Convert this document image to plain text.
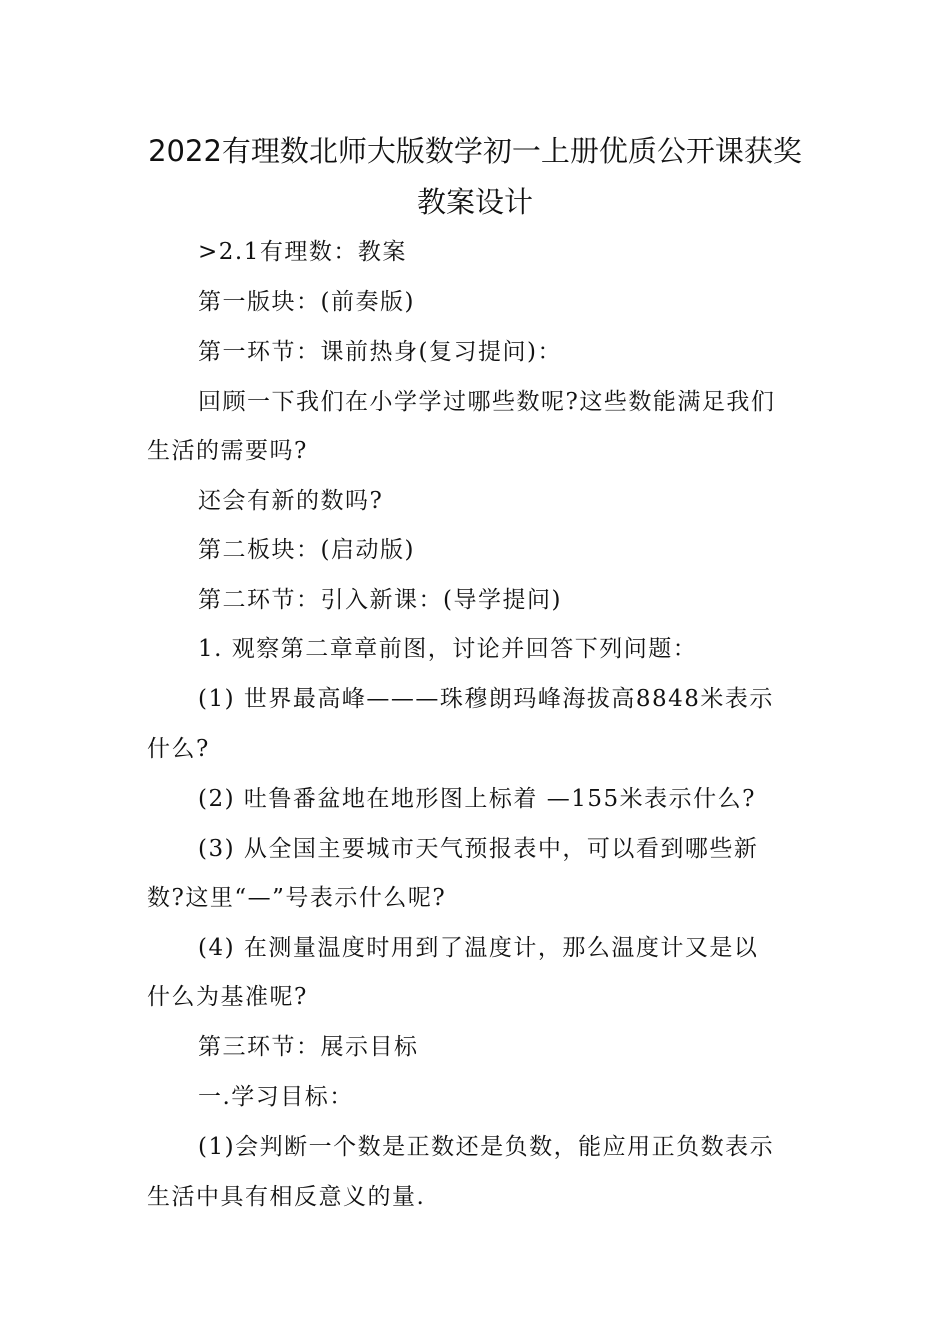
2022有理数北师大版数学初一上册优质公开课获奖
教案设计
>2.1有理数：教案
第一版块：(前奏版)
第一环节：课前热身(复习提问)：
回顾一下我们在小学学过哪些数呢?这些数能满足我们
生活的需要吗?
还会有新的数吗?
第二板块：(启动版)
第二环节：引入新课：(导学提问)
1. 观察第二章章前图，讨论并回答下列问题：
(1) 世界最高峰———珠穆朗玛峰海拔高8848米表示
什么?
(2) 吐鲁番盆地在地形图上标着 —155米表示什么?
(3) 从全国主要城市天气预报表中，可以看到哪些新
数?这里“—”号表示什么呢?
(4) 在测量温度时用到了温度计，那么温度计又是以
什么为基准呢?
第三环节：展示目标
一.学习目标：
(1)会判断一个数是正数还是负数，能应用正负数表示
生活中具有相反意义的量.
